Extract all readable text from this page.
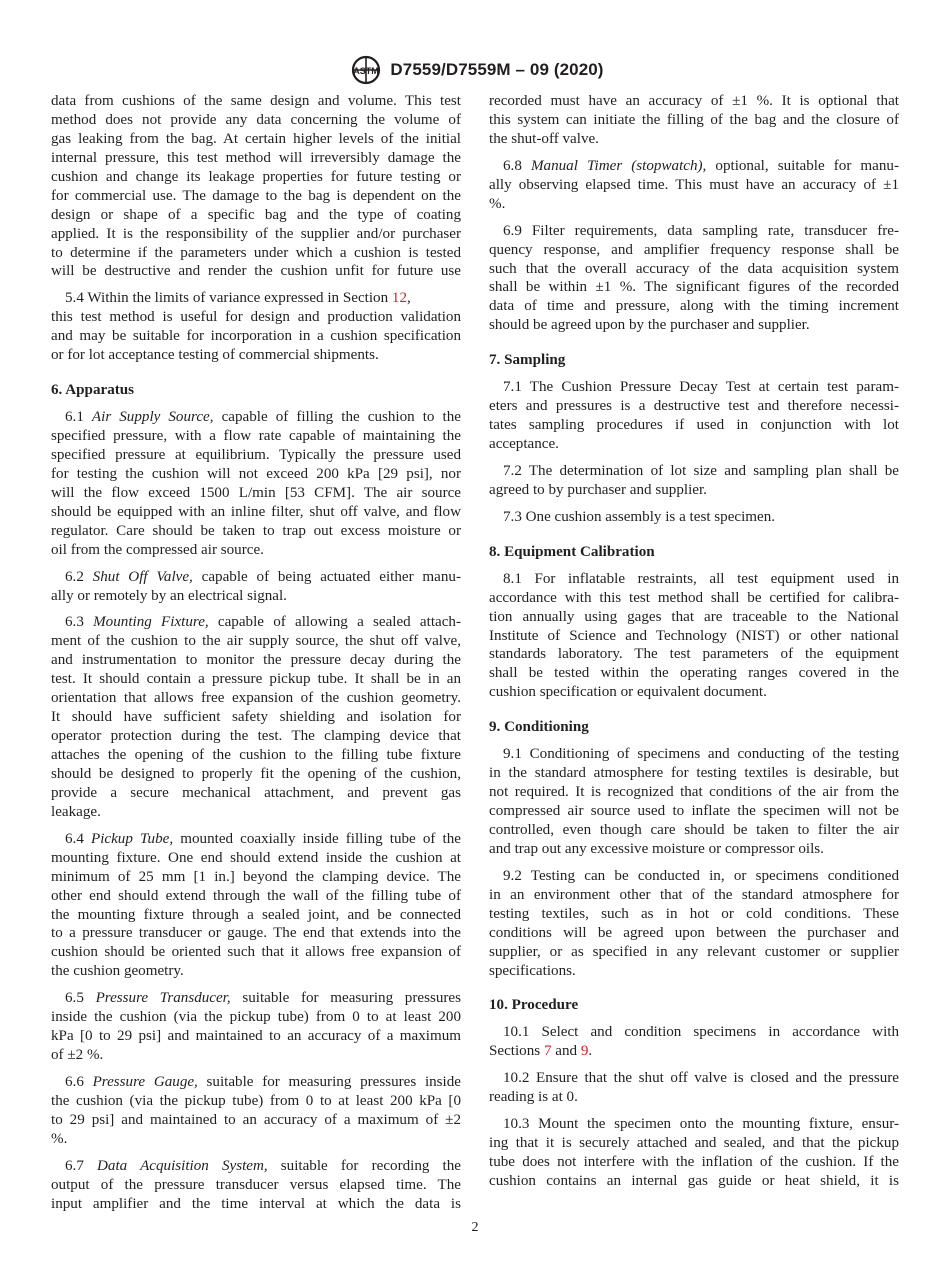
ASTM D7559/D7559M – 09 (2020)
data from cushions of the same design and volume. This test
method does not provide any data concerning the volume of
gas leaking from the bag. At certain higher levels of the initial
internal pressure, this test method will irreversibly damage the
cushion and change its leakage properties for future testing or
for commercial use. The damage to the bag is dependent on the
design or shape of a specific bag and the type of coating
applied. It is the responsibility of the supplier and/or purchaser
to determine if the parameters under which a cushion is tested
will be destructive and render the cushion unfit for future use
5.4 Within the limits of variance expressed in Section 12,
this test method is useful for design and production validation
and may be suitable for incorporation in a cushion specification
or for lot acceptance testing of commercial shipments.
6. Apparatus
6.1 Air Supply Source, capable of filling the cushion to the
specified pressure, with a flow rate capable of maintaining the
specified pressure at equilibrium. Typically the pressure used
for testing the cushion will not exceed 200 kPa [29 psi], nor
will the flow exceed 1500 L/min [53 CFM]. The air source
should be equipped with an inline filter, shut off valve, and flow
regulator. Care should be taken to trap out excess moisture or
oil from the compressed air source.
6.2 Shut Off Valve, capable of being actuated either manu-
ally or remotely by an electrical signal.
6.3 Mounting Fixture, capable of allowing a sealed attach-
ment of the cushion to the air supply source, the shut off valve,
and instrumentation to monitor the pressure decay during the
test. It should contain a pressure pickup tube. It shall be in an
orientation that allows free expansion of the cushion geometry.
It should have sufficient safety shielding and isolation for
operator protection during the test. The clamping device that
attaches the opening of the cushion to the filling tube fixture
should be designed to properly fit the opening of the cushion,
provide a secure mechanical attachment, and prevent gas
leakage.
6.4 Pickup Tube, mounted coaxially inside filling tube of the
mounting fixture. One end should extend inside the cushion at
minimum of 25 mm [1 in.] beyond the clamping device. The
other end should extend through the wall of the filling tube of
the mounting fixture through a sealed joint, and be connected
to a pressure transducer or gauge. The end that extends into the
cushion should be oriented such that it allows free expansion of
the cushion geometry.
6.5 Pressure Transducer, suitable for measuring pressures
inside the cushion (via the pickup tube) from 0 to at least 200
kPa [0 to 29 psi] and maintained to an accuracy of a maximum
of ±2 %.
6.6 Pressure Gauge, suitable for measuring pressures inside
the cushion (via the pickup tube) from 0 to at least 200 kPa [0
to 29 psi] and maintained to an accuracy of a maximum of ±2
%.
6.7 Data Acquisition System, suitable for recording the
output of the pressure transducer versus elapsed time. The
input amplifier and the time interval at which the data is
recorded must have an accuracy of ±1 %. It is optional that
this system can initiate the filling of the bag and the closure of
the shut-off valve.
6.8 Manual Timer (stopwatch), optional, suitable for manu-
ally observing elapsed time. This must have an accuracy of ±1
%.
6.9 Filter requirements, data sampling rate, transducer fre-
quency response, and amplifier frequency response shall be
such that the overall accuracy of the data acquisition system
shall be within ±1 %. The significant figures of the recorded
data of time and pressure, along with the timing increment
should be agreed upon by the purchaser and supplier.
7. Sampling
7.1 The Cushion Pressure Decay Test at certain test param-
eters and pressures is a destructive test and therefore necessi-
tates sampling procedures if used in conjunction with lot
acceptance.
7.2 The determination of lot size and sampling plan shall be
agreed to by purchaser and supplier.
7.3 One cushion assembly is a test specimen.
8. Equipment Calibration
8.1 For inflatable restraints, all test equipment used in
accordance with this test method shall be certified for calibra-
tion annually using gages that are traceable to the National
Institute of Science and Technology (NIST) or other national
standards laboratory. The test parameters of the equipment
shall be tested within the operating ranges covered in the
cushion specification or equivalent document.
9. Conditioning
9.1 Conditioning of specimens and conducting of the testing
in the standard atmosphere for testing textiles is desirable, but
not required. It is recognized that conditions of the air from the
compressed air source used to inflate the specimen will not be
controlled, even though care should be taken to filter the air
and trap out any excessive moisture or compressor oils.
9.2 Testing can be conducted in, or specimens conditioned
in an environment other that of the standard atmosphere for
testing textiles, such as in hot or cold conditions. These
conditions will be agreed upon between the purchaser and
supplier, or as specified in any relevant customer or supplier
specifications.
10. Procedure
10.1 Select and condition specimens in accordance with
Sections 7 and 9.
10.2 Ensure that the shut off valve is closed and the pressure
reading is at 0.
10.3 Mount the specimen onto the mounting fixture, ensur-
ing that it is securely attached and sealed, and that the pickup
tube does not interfere with the inflation of the cushion. If the
cushion contains an internal gas guide or heat shield, it is
2
